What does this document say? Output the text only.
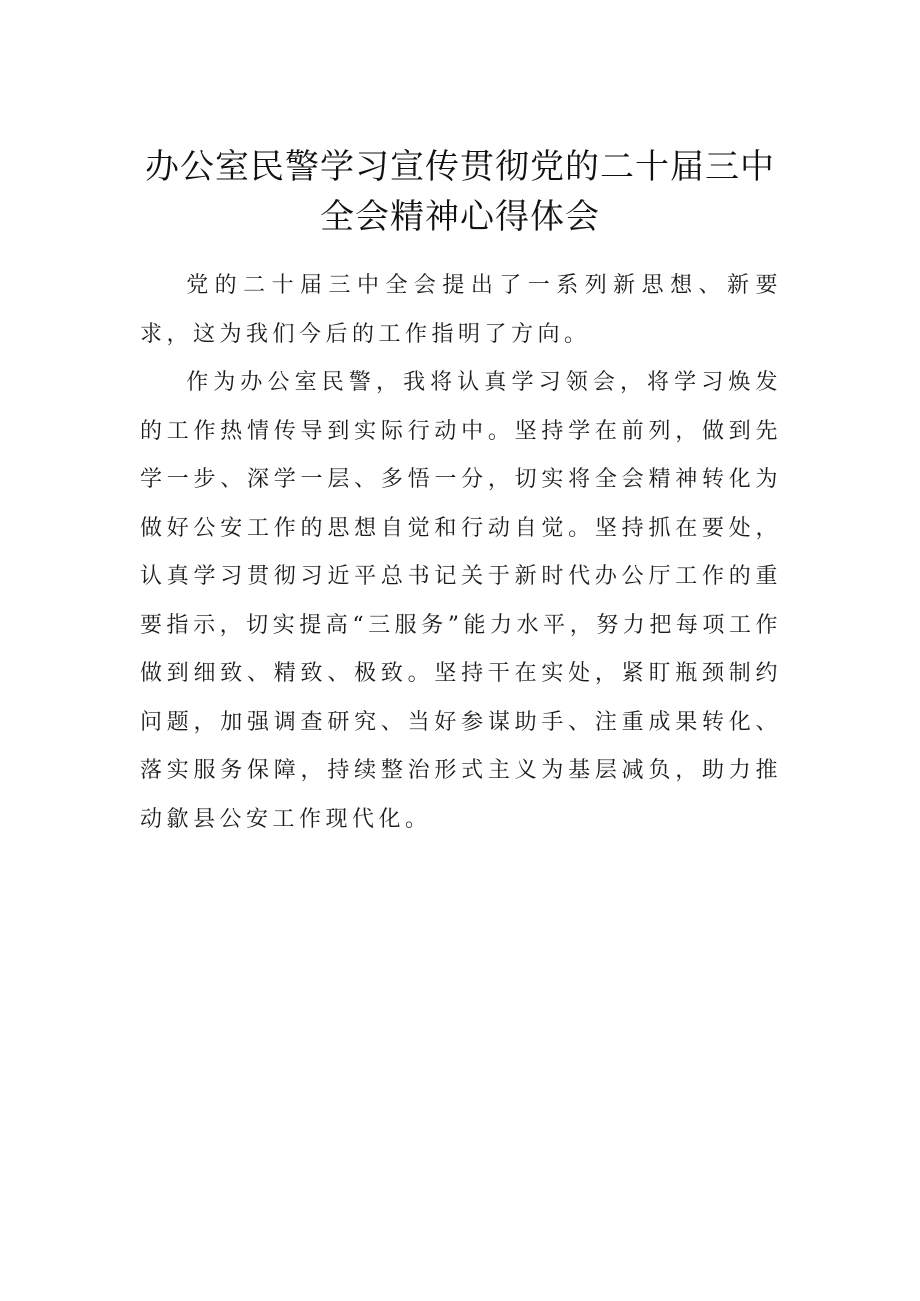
办公室民警学习宣传贯彻党的二十届三中
全会精神心得体会

党的二十届三中全会提出了一系列新思想、新要求，这为我们今后的工作指明了方向。

作为办公室民警，我将认真学习领会，将学习焕发的工作热情传导到实际行动中。坚持学在前列，做到先学一步、深学一层、多悟一分，切实将全会精神转化为做好公安工作的思想自觉和行动自觉。坚持抓在要处，认真学习贯彻习近平总书记关于新时代办公厅工作的重要指示，切实提高“三服务”能力水平，努力把每项工作做到细致、精致、极致。坚持干在实处，紧盯瓶颈制约问题，加强调查研究、当好参谋助手、注重成果转化、落实服务保障，持续整治形式主义为基层减负，助力推动歙县公安工作现代化。
